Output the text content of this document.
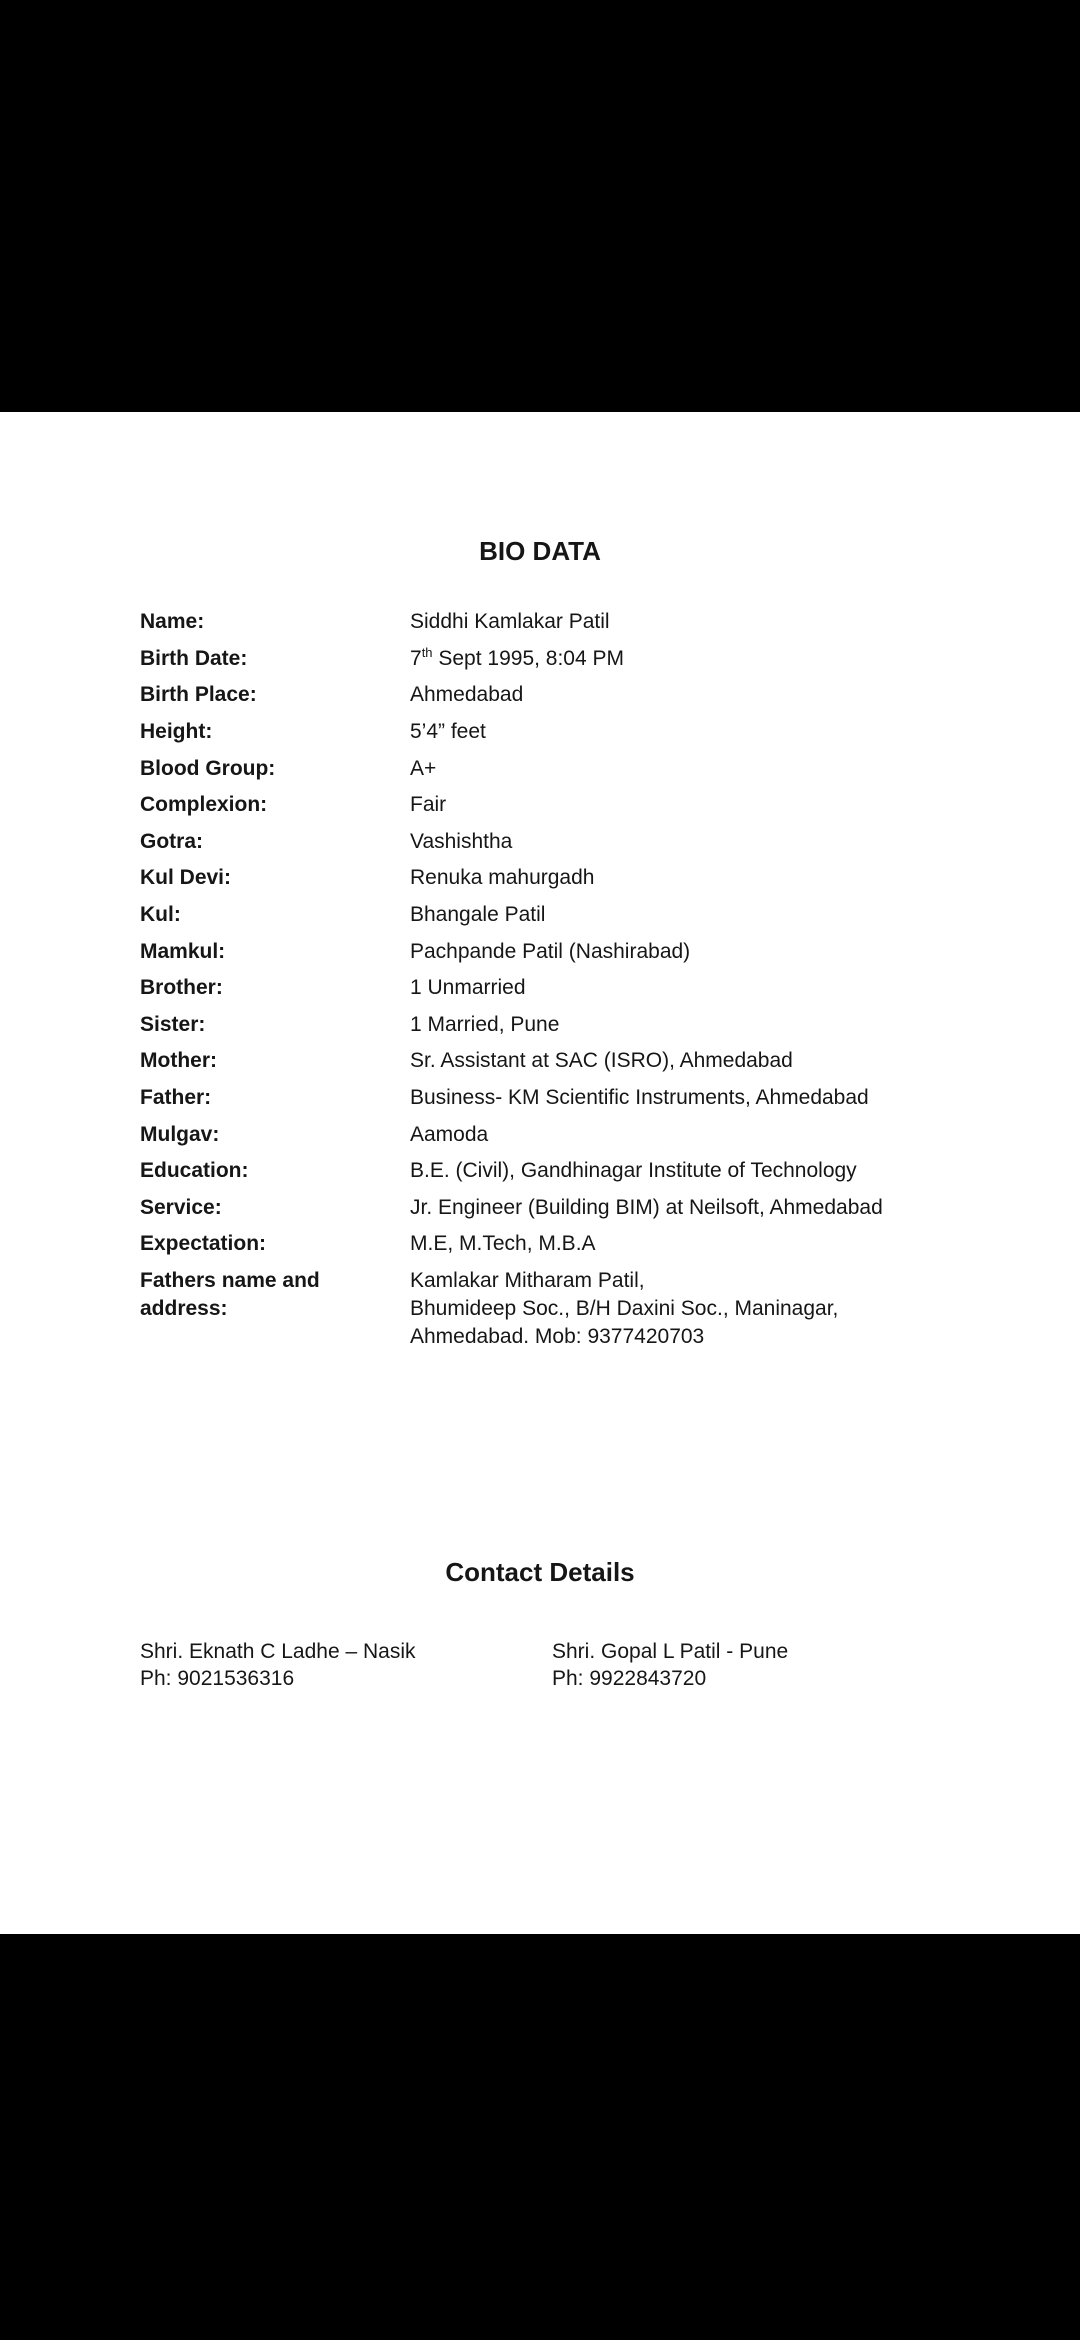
BIO DATA
Name:	Siddhi Kamlakar Patil
Birth Date:	7th Sept 1995, 8:04 PM
Birth Place:	Ahmedabad
Height:	5’4” feet
Blood Group:	A+
Complexion:	Fair
Gotra:	Vashishtha
Kul Devi:	Renuka mahurgadh
Kul:	Bhangale Patil
Mamkul:	Pachpande Patil (Nashirabad)
Brother:	1 Unmarried
Sister:	1 Married, Pune
Mother:	Sr. Assistant at SAC (ISRO), Ahmedabad
Father:	Business- KM Scientific Instruments, Ahmedabad
Mulgav:	Aamoda
Education:	B.E. (Civil), Gandhinagar Institute of Technology
Service:	Jr. Engineer (Building BIM) at Neilsoft, Ahmedabad
Expectation:	M.E, M.Tech, M.B.A
Fathers name and address:
Kamlakar Mitharam Patil,
Bhumideep Soc., B/H Daxini Soc., Maninagar,
Ahmedabad. Mob: 9377420703
Contact Details
Shri. Eknath C Ladhe – Nasik
Ph: 9021536316
Shri. Gopal L Patil - Pune
Ph: 9922843720
